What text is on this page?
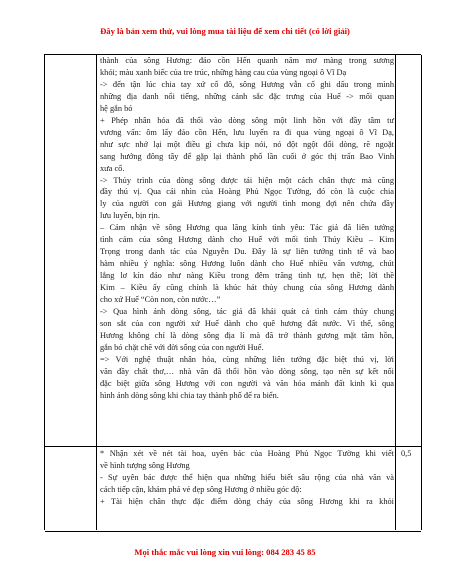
Đây là bản xem thử, vui lòng mua tài liệu để xem chi tiết (có lời giải)

thành của sông Hương: đảo cồn Hến quanh năm mơ màng trong sương

khói; màu xanh biếc của tre trúc, những hàng cau của vùng ngoại ô Vĩ Dạ

-> đến tận lúc chia tay xứ cố đô, sông Hương vẫn cố ghi dấu trong mình

những địa danh nổi tiếng, những cảnh sắc đặc trưng của Huế -> mối quan

hệ gắn bó

+ Phép nhân hóa đã thổi vào dòng sông một linh hồn với đầy tâm tư

vương vấn: ôm lấy đảo cồn Hến, lưu luyến ra đi qua vùng ngoại ô Vĩ Dạ,

như sực nhớ lại một điều gì chưa kịp nói, nó đột ngột đổi dòng, rẽ ngoặt

sang hướng đông tây để gặp lại thành phố lần cuối ở góc thị trấn Bao Vinh

xưa cổ.

-> Thủy trình của dòng sông được tái hiện một cách chân thực mà cũng

đầy thú vị. Qua cái nhìn của Hoàng Phủ Ngọc Tường, đó còn là cuộc chia

ly của người con gái Hương giang với người tình mong đợi nên chứa đầy

lưu luyến, bịn rịn.

– Cảm nhận về sông Hương qua lăng kính tình yêu: Tác giả đã liên tưởng

tình cảm của sông Hương dành cho Huế với mối tình Thúy Kiều – Kim

Trọng trong danh tác của Nguyễn Du. Đây là sự liên tưởng tinh tế và bao

hàm nhiều ý nghĩa: sông Hương luôn dành cho Huế nhiều vấn vương, chút

lắng lơ kín đáo như nàng Kiều trong đêm trăng tình tự, hẹn thề; lời thề

Kim – Kiều ấy cũng chính là khúc hát thủy chung của sông Hương dành

cho xứ Huế “Còn non, còn nước…”

-> Qua hình ảnh dòng sông, tác giả đã khái quát cả tình cảm thủy chung

son sắt của con người xứ Huế dành cho quê hương đất nước. Vì thế, sông

Hương không chỉ là dòng sông địa lí mà đã trở thành gương mặt tâm hồn,

gắn bó chặt chẽ với đời sống của con người Huế.

=> Với nghệ thuật nhân hóa, cùng những liên tưởng đặc biệt thú vị, lời

văn đầy chất thơ,… nhà văn đã thổi hồn vào dòng sông, tạo nên sự kết nối

đặc biệt giữa sông Hương với con người và văn hóa mảnh đất kinh kì qua

hình ảnh dòng sông khi chia tay thành phố để ra biển.

* Nhận xét về nét tài hoa, uyên bác của Hoàng Phủ Ngọc Tường khi viết

về hình tượng sông Hương

- Sự uyên bác được thể hiện qua những hiểu biết sâu rộng của nhà văn và

cách tiếp cận, khám phá vẻ đẹp sông Hương ở nhiều góc độ:

+ Tài hiện chân thực đặc điểm dòng chảy của sông Hương khi ra khỏi

0,5
Mọi thắc mắc vui lòng xin vui lòng: 084 283 45 85
